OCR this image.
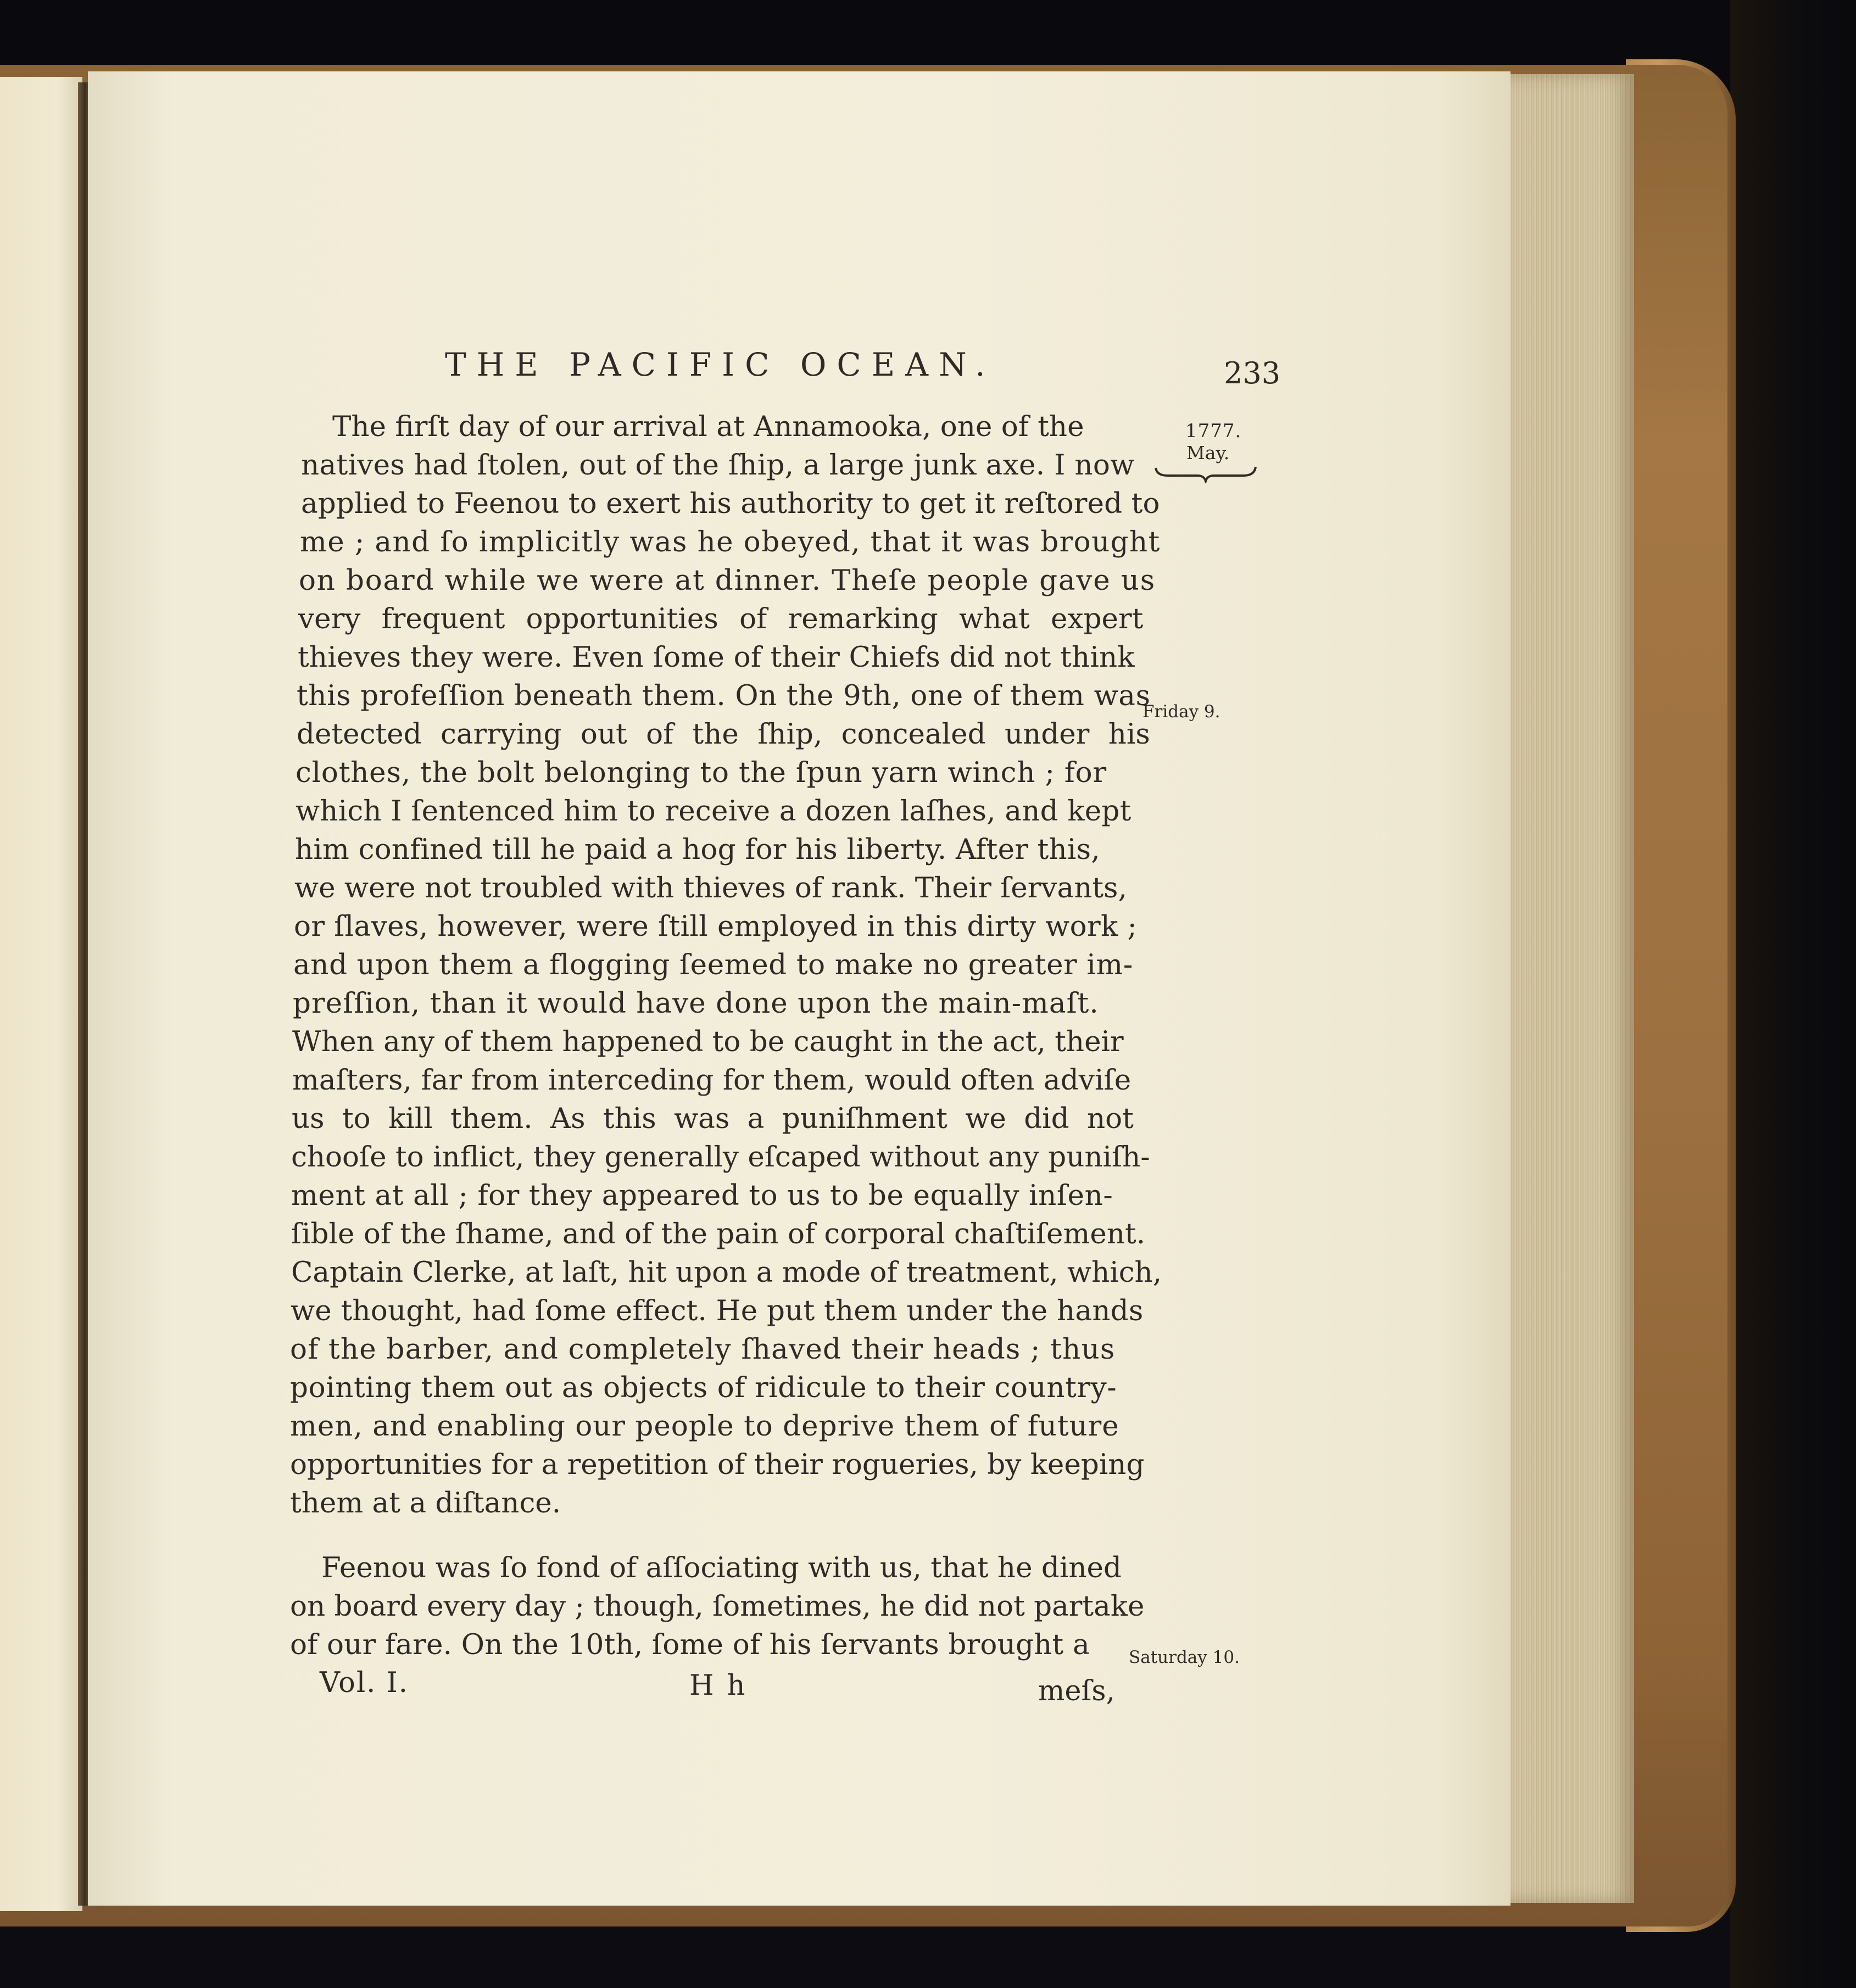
THE PACIFIC OCEAN.	233
1777.
May.
The firſt day of our arrival at Annamooka, one of the
natives had ſtolen, out of the ſhip, a large junk axe. I now
applied to Feenou to exert his authority to get it reſtored to
me ; and ſo implicitly was he obeyed, that it was brought
on board while we were at dinner. Theſe people gave us
very frequent opportunities of remarking what expert
thieves they were. Even ſome of their Chiefs did not think
this profeſſion beneath them. On the 9th, one of them was
detected carrying out of the ſhip, concealed under his
clothes, the bolt belonging to the ſpun yarn winch ; for
which I ſentenced him to receive a dozen laſhes, and kept
him confined till he paid a hog for his liberty. After this,
we were not troubled with thieves of rank. Their ſervants,
or ſlaves, however, were ſtill employed in this dirty work ;
and upon them a flogging ſeemed to make no greater im-
preſſion, than it would have done upon the main-maſt.
When any of them happened to be caught in the act, their
maſters, far from interceding for them, would often adviſe
us to kill them. As this was a puniſhment we did not
chooſe to inflict, they generally eſcaped without any puniſh-
ment at all ; for they appeared to us to be equally inſen-
ſible of the ſhame, and of the pain of corporal chaſtiſement.
Captain Clerke, at laſt, hit upon a mode of treatment, which,
we thought, had ſome effect. He put them under the hands
of the barber, and completely ſhaved their heads ; thus
pointing them out as objects of ridicule to their country-
men, and enabling our people to deprive them of future
opportunities for a repetition of their rogueries, by keeping
them at a diſtance.
Feenou was ſo fond of aſſociating with us, that he dined
on board every day ; though, ſometimes, he did not partake
of our fare. On the 10th, ſome of his ſervants brought a
Friday 9.
Saturday 10.
Vol. I.	H h	meſs,
